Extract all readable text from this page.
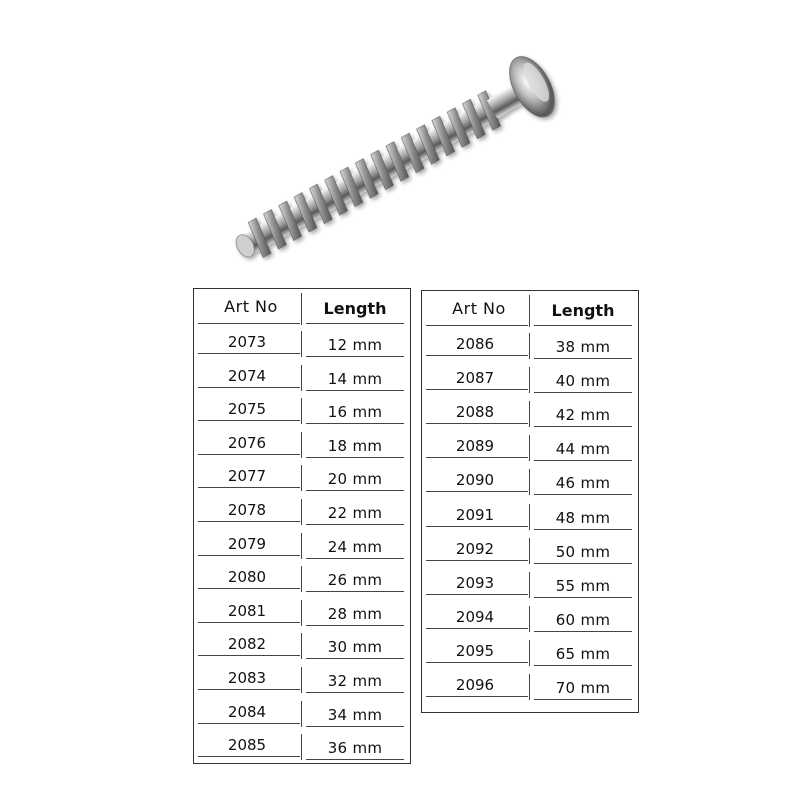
Art No	Length
2073	12 mm
2074	14 mm
2075	16 mm
2076	18 mm
2077	20 mm
2078	22 mm
2079	24 mm
2080	26 mm
2081	28 mm
2082	30 mm
2083	32 mm
2084	34 mm
2085	36 mm
Art No	Length
2086	38 mm
2087	40 mm
2088	42 mm
2089	44 mm
2090	46 mm
2091	48 mm
2092	50 mm
2093	55 mm
2094	60 mm
2095	65 mm
2096	70 mm
